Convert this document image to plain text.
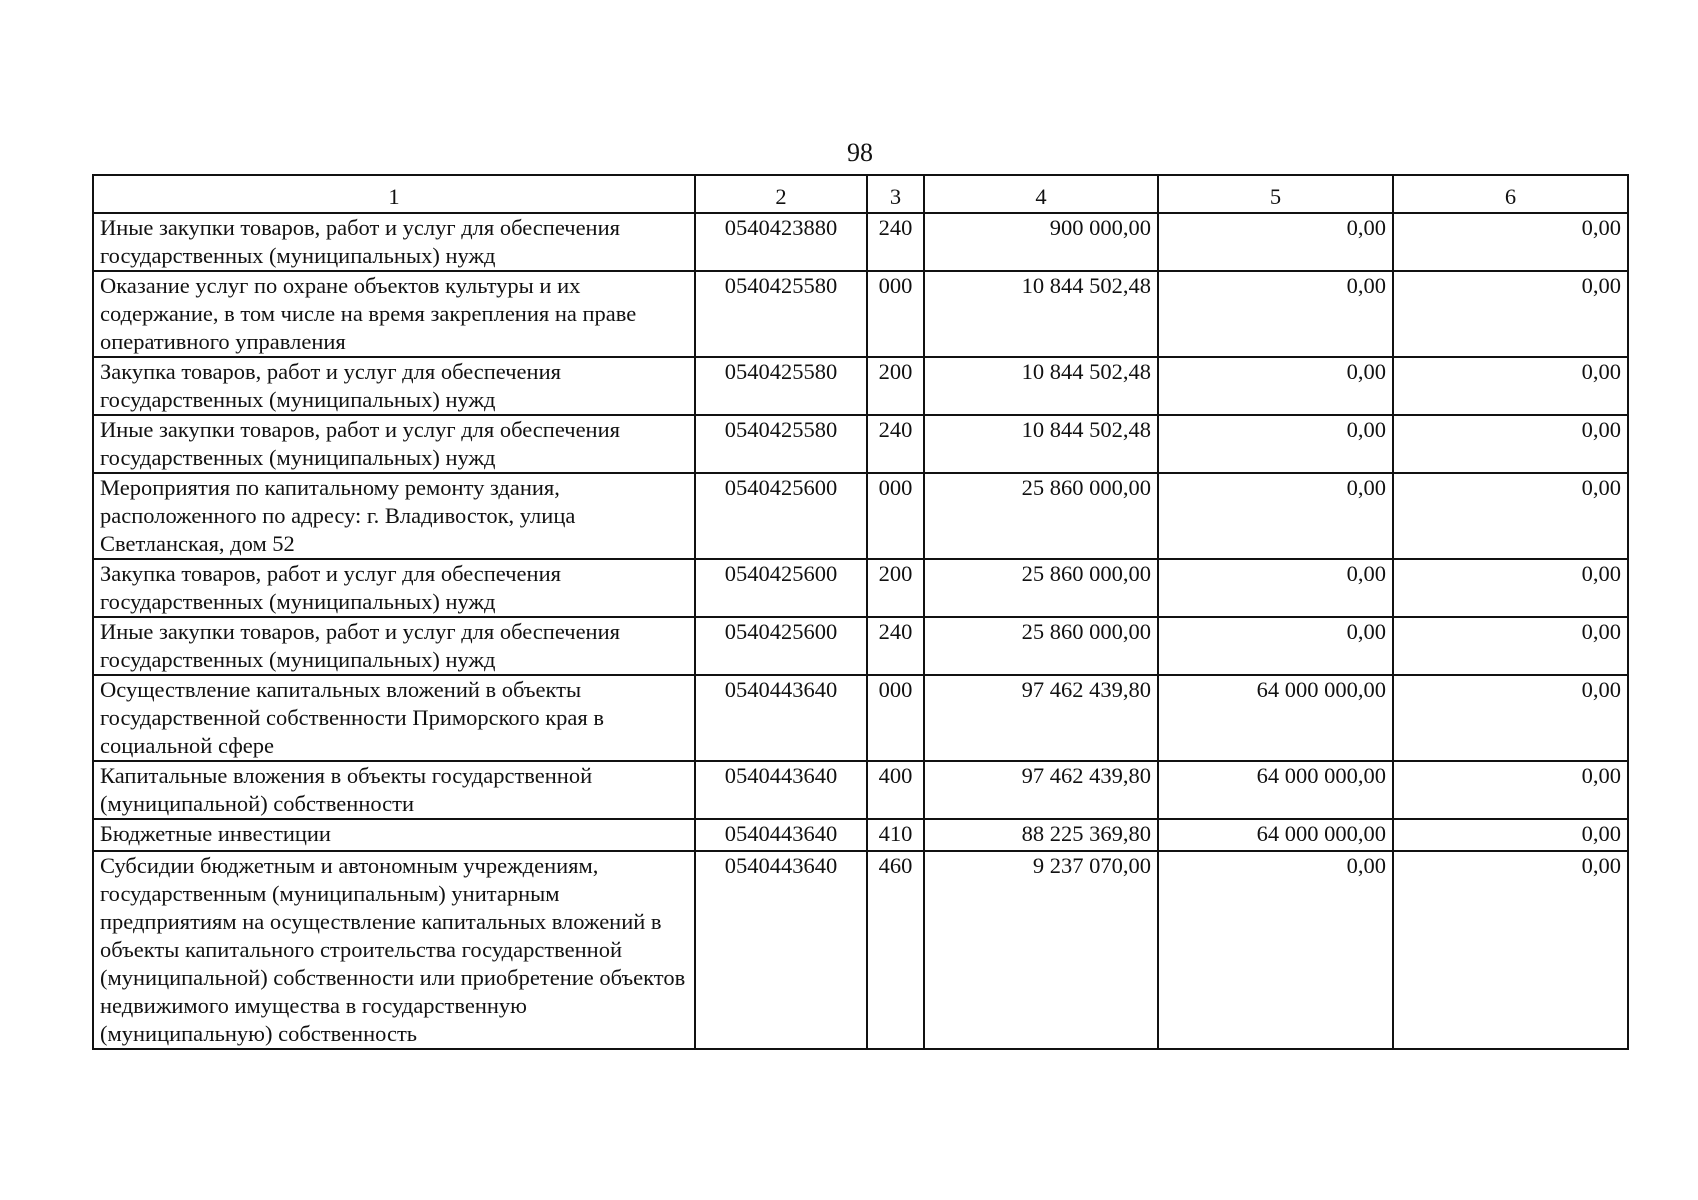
98
1	2	3	4	5	6
Иные закупки товаров, работ и услуг для обеспечения государственных (муниципальных) нужд	0540423880	240	900 000,00	0,00	0,00
Оказание услуг по охране объектов культуры и их содержание, в том числе на время закрепления на праве оперативного управления	0540425580	000	10 844 502,48	0,00	0,00
Закупка товаров, работ и услуг для обеспечения государственных (муниципальных) нужд	0540425580	200	10 844 502,48	0,00	0,00
Иные закупки товаров, работ и услуг для обеспечения государственных (муниципальных) нужд	0540425580	240	10 844 502,48	0,00	0,00
Мероприятия по капитальному ремонту здания, расположенного по адресу: г. Владивосток, улица Светланская, дом 52	0540425600	000	25 860 000,00	0,00	0,00
Закупка товаров, работ и услуг для обеспечения государственных (муниципальных) нужд	0540425600	200	25 860 000,00	0,00	0,00
Иные закупки товаров, работ и услуг для обеспечения государственных (муниципальных) нужд	0540425600	240	25 860 000,00	0,00	0,00
Осуществление капитальных вложений в объекты государственной собственности Приморского края в социальной сфере	0540443640	000	97 462 439,80	64 000 000,00	0,00
Капитальные вложения в объекты государственной (муниципальной) собственности	0540443640	400	97 462 439,80	64 000 000,00	0,00
Бюджетные инвестиции	0540443640	410	88 225 369,80	64 000 000,00	0,00
Субсидии бюджетным и автономным учреждениям, государственным (муниципальным) унитарным предприятиям на осуществление капитальных вложений в объекты капитального строительства государственной (муниципальной) собственности или приобретение объектов недвижимого имущества в государственную (муниципальную) собственность	0540443640	460	9 237 070,00	0,00	0,00
